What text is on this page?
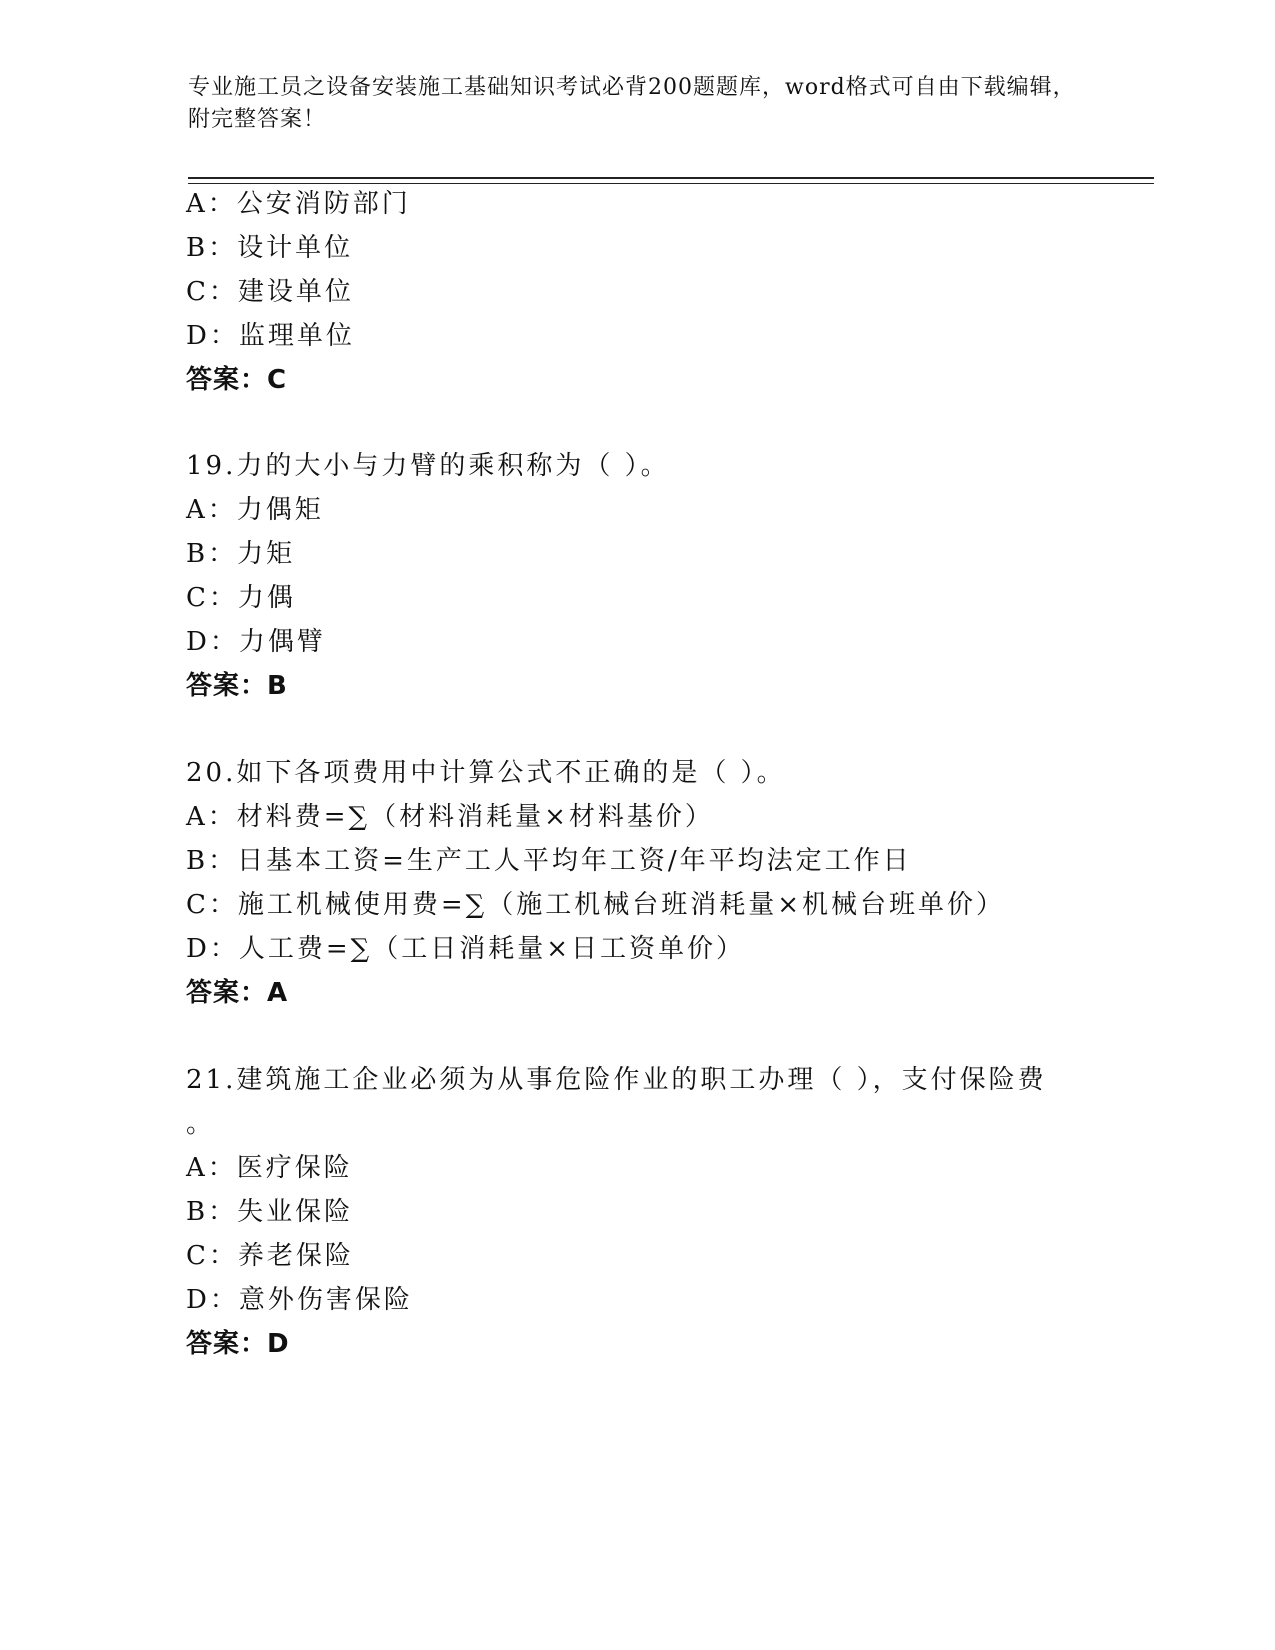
专业施工员之设备安装施工基础知识考试必背200题题库，word格式可自由下载编辑，附完整答案！
A：公安消防部门
B：设计单位
C：建设单位
D：监理单位
答案：C
19.力的大小与力臂的乘积称为（ ）。
A：力偶矩
B：力矩
C：力偶
D：力偶臂
答案：B
20.如下各项费用中计算公式不正确的是（ ）。
A：材料费=∑（材料消耗量×材料基价）
B：日基本工资=生产工人平均年工资/年平均法定工作日
C：施工机械使用费=∑（施工机械台班消耗量×机械台班单价）
D：人工费=∑（工日消耗量×日工资单价）
答案：A
21.建筑施工企业必须为从事危险作业的职工办理（ ），支付保险费
。
A：医疗保险
B：失业保险
C：养老保险
D：意外伤害保险
答案：D
